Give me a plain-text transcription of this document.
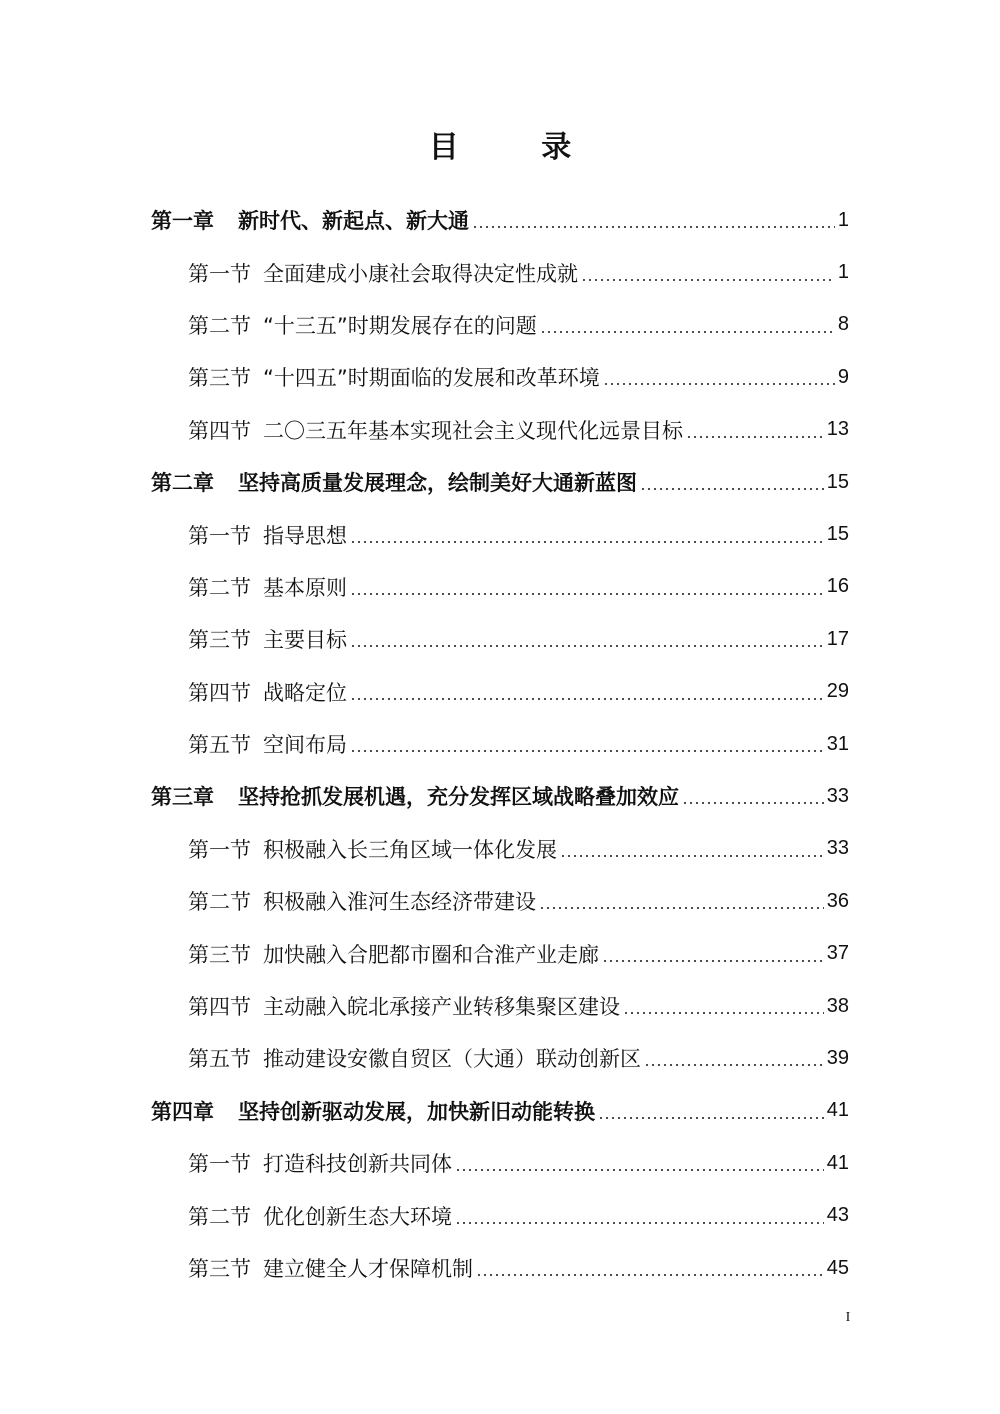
目 录
第一章 新时代、新起点、新大通	1
第一节 全面建成小康社会取得决定性成就	1
第二节 “十三五”时期发展存在的问题	8
第三节 “十四五”时期面临的发展和改革环境	9
第四节 二〇三五年基本实现社会主义现代化远景目标	13
第二章 坚持高质量发展理念，绘制美好大通新蓝图	15
第一节 指导思想	15
第二节 基本原则	16
第三节 主要目标	17
第四节 战略定位	29
第五节 空间布局	31
第三章 坚持抢抓发展机遇，充分发挥区域战略叠加效应	33
第一节 积极融入长三角区域一体化发展	33
第二节 积极融入淮河生态经济带建设	36
第三节 加快融入合肥都市圈和合淮产业走廊	37
第四节 主动融入皖北承接产业转移集聚区建设	38
第五节 推动建设安徽自贸区（大通）联动创新区	39
第四章 坚持创新驱动发展，加快新旧动能转换	41
第一节 打造科技创新共同体	41
第二节 优化创新生态大环境	43
第三节 建立健全人才保障机制	45
I
